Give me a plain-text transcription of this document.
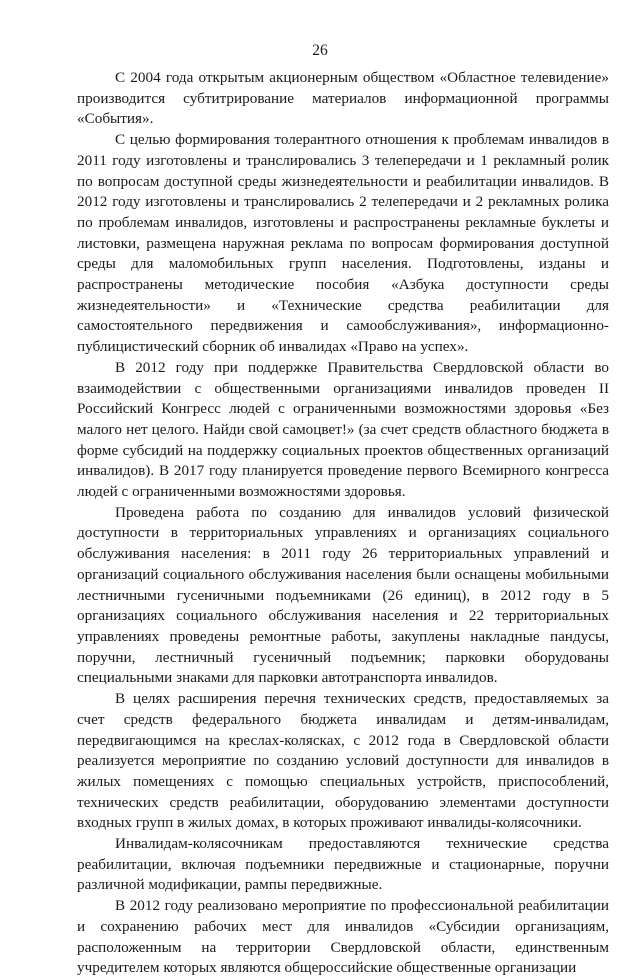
26

С 2004 года открытым акционерным обществом «Областное телевидение» производится субтитрирование материалов информационной программы «События».

С целью формирования толерантного отношения к проблемам инвалидов в 2011 году изготовлены и транслировались 3 телепередачи и 1 рекламный ролик по вопросам доступной среды жизнедеятельности и реабилитации инвалидов. В 2012 году изготовлены и транслировались 2 телепередачи и 2 рекламных ролика по проблемам инвалидов, изготовлены и распространены рекламные буклеты и листовки, размещена наружная реклама по вопросам формирования доступной среды для маломобильных групп населения. Подготовлены, изданы и распространены методические пособия «Азбука доступности среды жизнедеятельности» и «Технические средства реабилитации для самостоятельного передвижения и самообслуживания», информационно-публицистический сборник об инвалидах «Право на успех».

В 2012 году при поддержке Правительства Свердловской области во взаимодействии с общественными организациями инвалидов проведен II Российский Конгресс людей с ограниченными возможностями здоровья «Без малого нет целого. Найди свой самоцвет!» (за счет средств областного бюджета в форме субсидий на поддержку социальных проектов общественных организаций инвалидов). В 2017 году планируется проведение первого Всемирного конгресса людей с ограниченными возможностями здоровья.

Проведена работа по созданию для инвалидов условий физической доступности в территориальных управлениях и организациях социального обслуживания населения: в 2011 году 26 территориальных управлений и организаций социального обслуживания населения были оснащены мобильными лестничными гусеничными подъемниками (26 единиц), в 2012 году в 5 организациях социального обслуживания населения и 22 территориальных управлениях проведены ремонтные работы, закуплены накладные пандусы, поручни, лестничный гусеничный подъемник; парковки оборудованы специальными знаками для парковки автотранспорта инвалидов.

В целях расширения перечня технических средств, предоставляемых за счет средств федерального бюджета инвалидам и детям-инвалидам, передвигающимся на креслах-колясках, с 2012 года в Свердловской области реализуется мероприятие по созданию условий доступности для инвалидов в жилых помещениях с помощью специальных устройств, приспособлений, технических средств реабилитации, оборудованию элементами доступности входных групп в жилых домах, в которых проживают инвалиды-колясочники.

Инвалидам-колясочникам предоставляются технические средства реабилитации, включая подъемники передвижные и стационарные, поручни различной модификации, рампы передвижные.

В 2012 году реализовано мероприятие по профессиональной реабилитации и сохранению рабочих мест для инвалидов «Субсидии организациям, расположенным на территории Свердловской области, единственным учредителем которых являются общероссийские общественные организации
